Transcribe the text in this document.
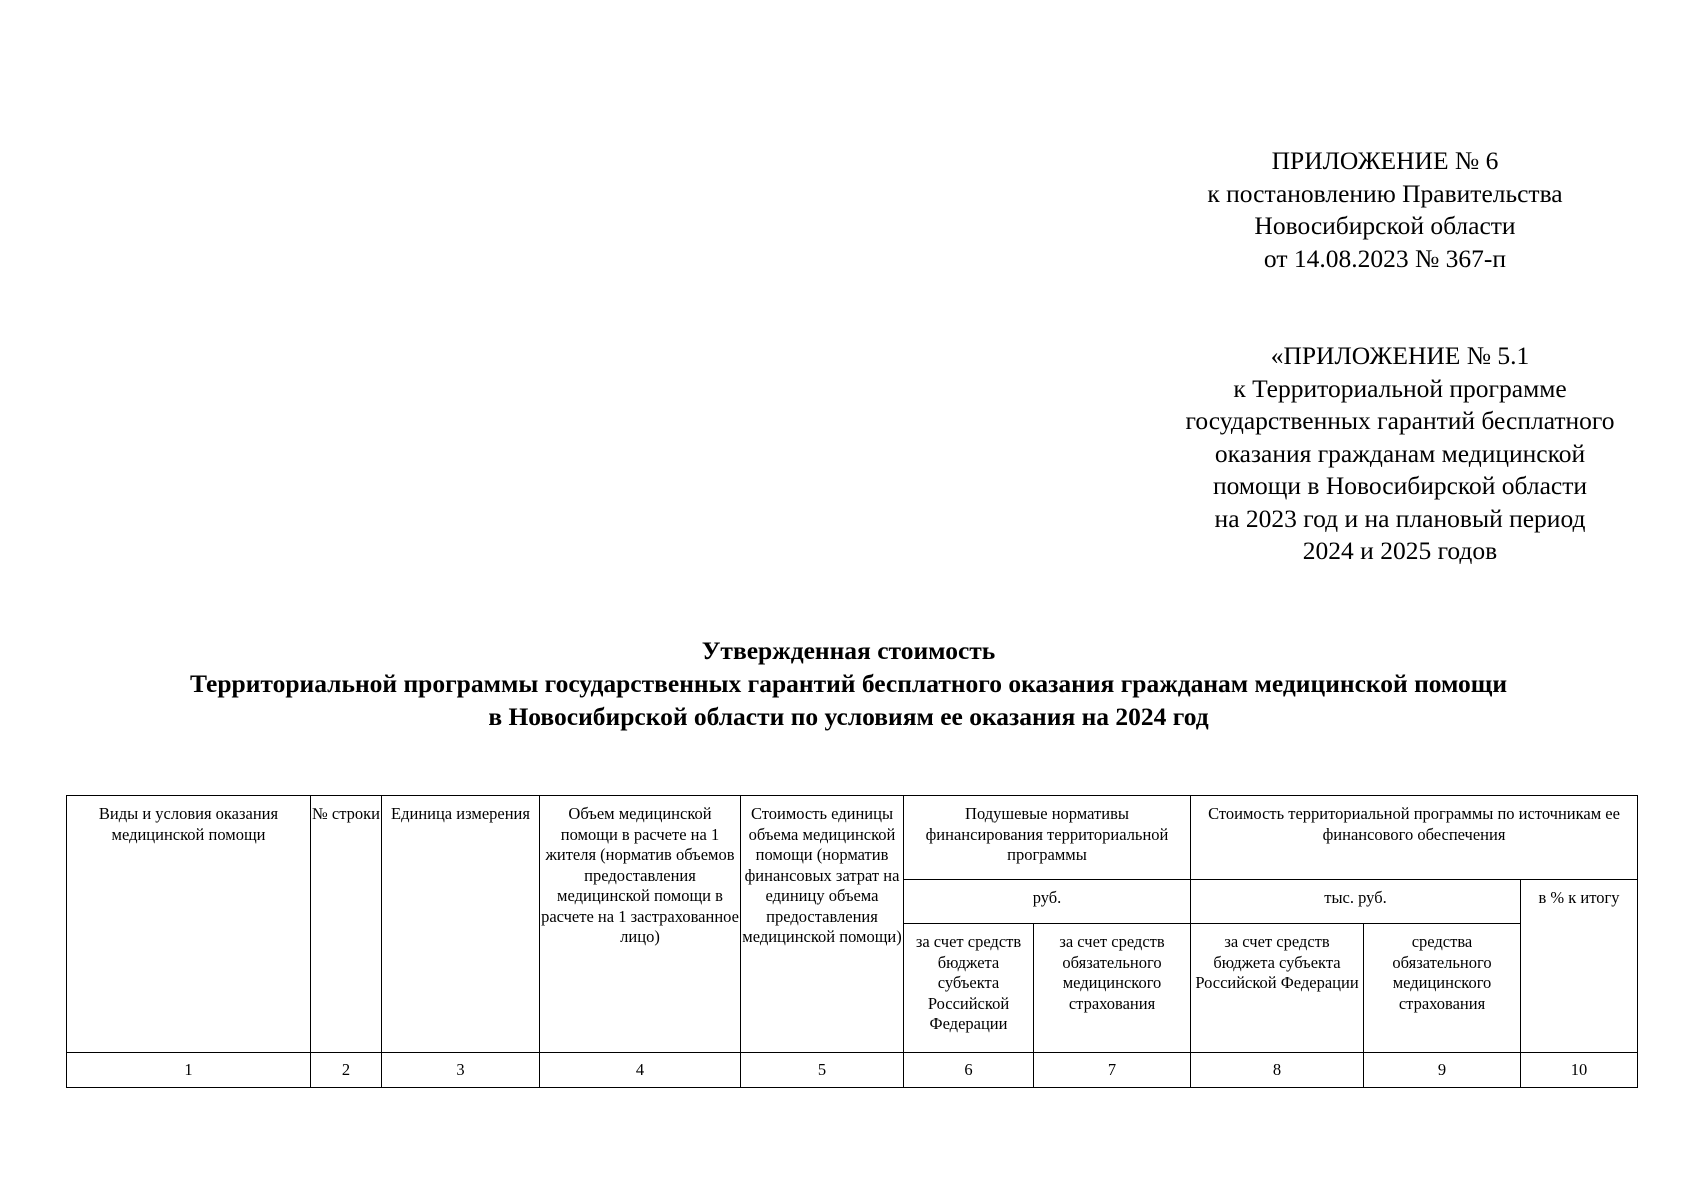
ПРИЛОЖЕНИЕ № 6
к постановлению Правительства
Новосибирской области
от 14.08.2023 № 367-п
«ПРИЛОЖЕНИЕ № 5.1
к Территориальной программе
государственных гарантий бесплатного
оказания гражданам медицинской
помощи в Новосибирской области
на 2023 год и на плановый период
2024 и 2025 годов
Утвержденная стоимость
Территориальной программы государственных гарантий бесплатного оказания гражданам медицинской помощи
в Новосибирской области по условиям ее оказания на 2024 год
Виды и условия оказания медицинской помощи	№ строки	Единица измерения	Объем медицинской помощи в расчете на 1 жителя (норматив объемов предоставления медицинской помощи в расчете на 1 застрахованное лицо)	Стоимость единицы объема медицинской помощи (норматив финансовых затрат на единицу объема предоставления медицинской помощи)	Подушевые нормативы финансирования территориальной программы		Стоимость территориальной программы по источникам ее финансового обеспечения		
					руб.		тыс. руб.		в % к итогу
					за счет средств бюджета субъекта Российской Федерации	за счет средств обязательного медицинского страхования	за счет средств бюджета субъекта Российской Федерации	средства обязательного медицинского страхования	
1	2	3	4	5	6	7	8	9	10
